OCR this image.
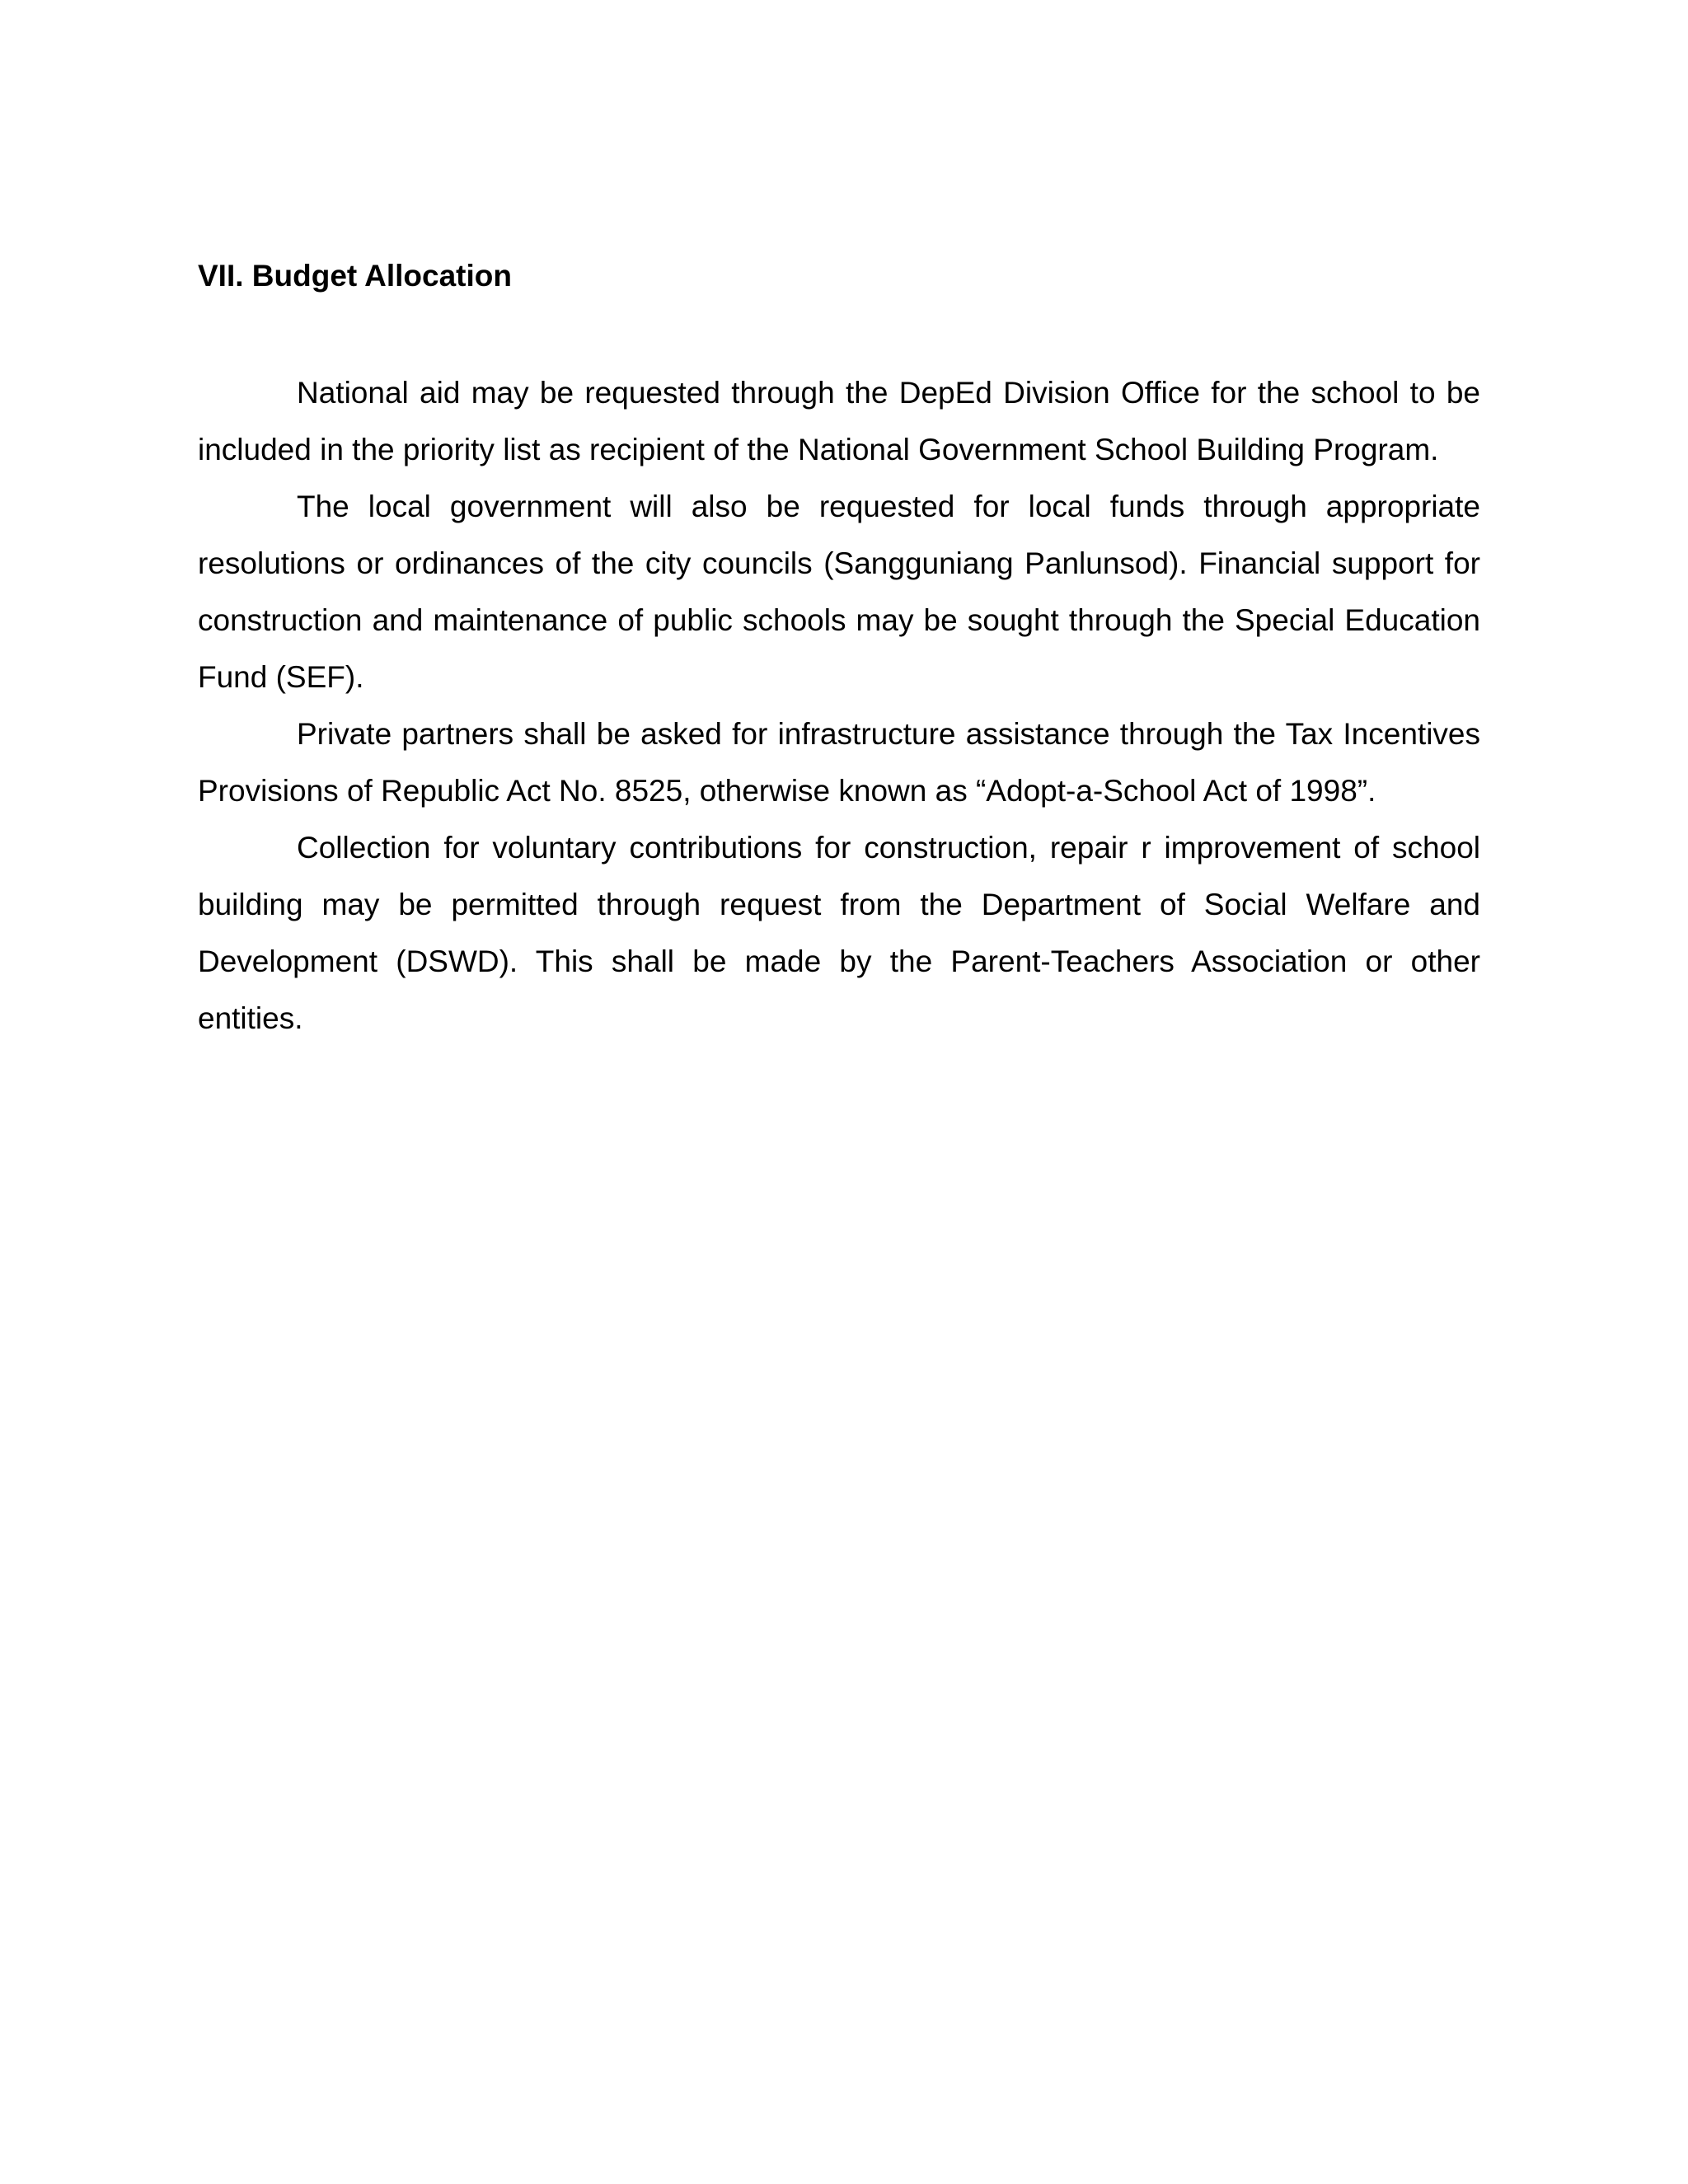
VII. Budget Allocation

National aid may be requested through the DepEd Division Office for the school to be included in the priority list as recipient of the National Government School Building Program.

The local government will also be requested for local funds through appropriate resolutions or ordinances of the city councils (Sangguniang Panlunsod). Financial support for construction and maintenance of public schools may be sought through the Special Education Fund (SEF).

Private partners shall be asked for infrastructure assistance through the Tax Incentives Provisions of Republic Act No. 8525, otherwise known as “Adopt-a-School Act of 1998”.

Collection for voluntary contributions for construction, repair r improvement of school building may be permitted through request from the Department of Social Welfare and Development (DSWD). This shall be made by the Parent-Teachers Association or other entities.
